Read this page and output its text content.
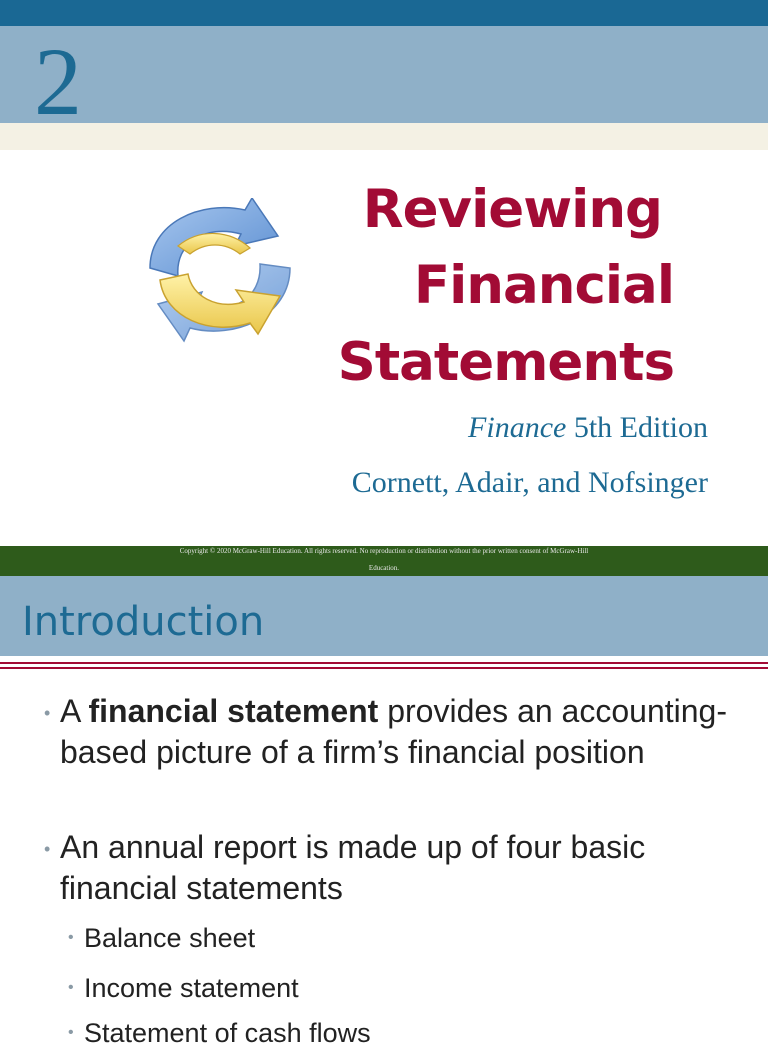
2
Reviewing
Financial
Statements
Finance 5th Edition
Cornett, Adair, and Nofsinger
Copyright © 2020 McGraw-Hill Education. All rights reserved. No reproduction or distribution without the prior written consent of McGraw-Hill
Education.
Introduction
• A financial statement provides an accounting-based picture of a firm’s financial position
• An annual report is made up of four basic financial statements
• Balance sheet
• Income statement
• Statement of cash flows
